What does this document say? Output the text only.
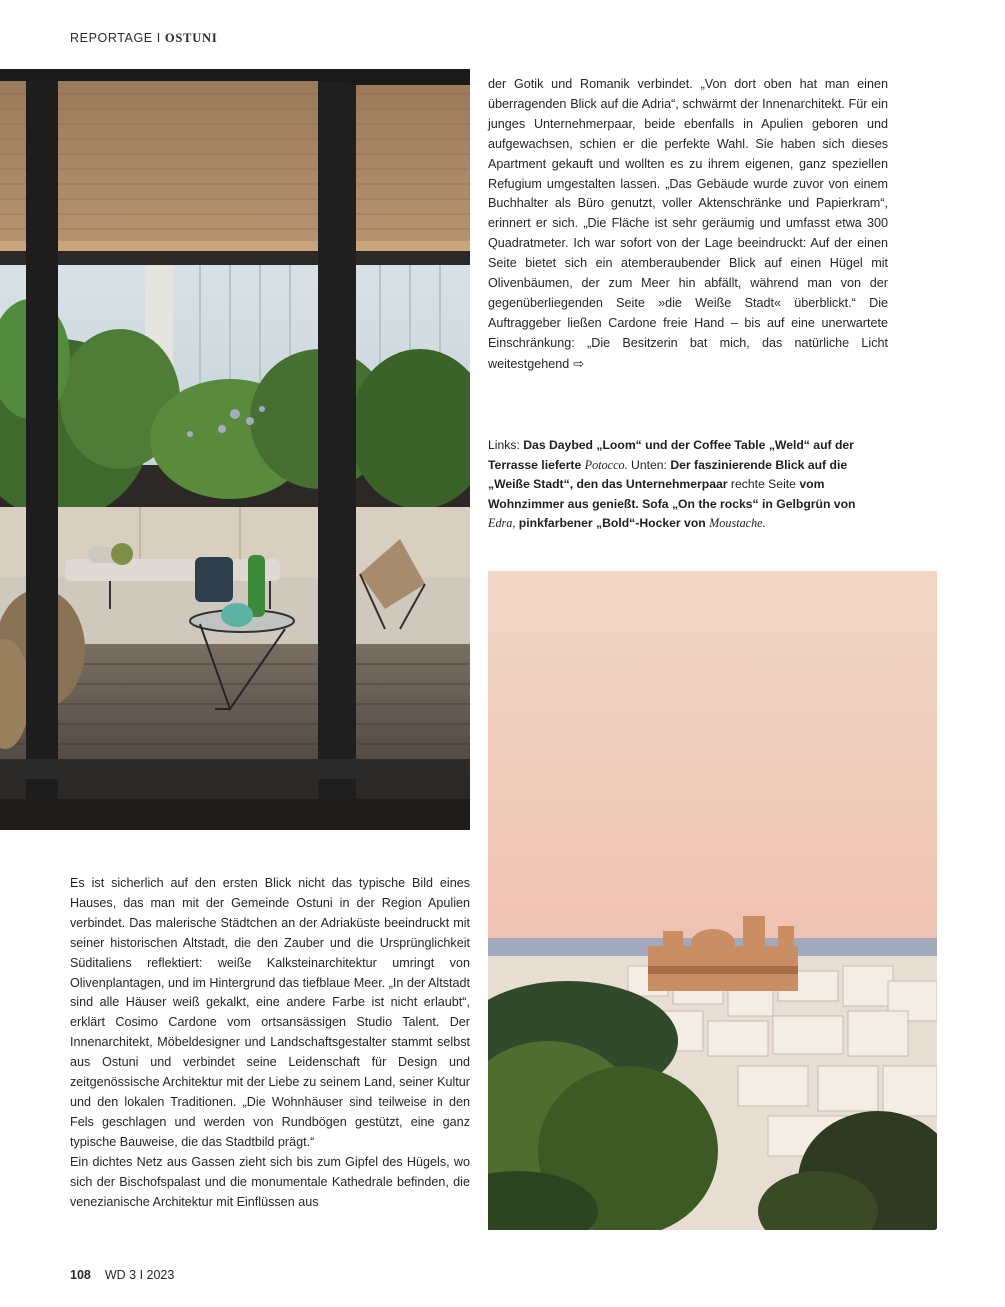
REPORTAGE I OSTUNI

der Gotik und Romanik verbindet. „Von dort oben hat man einen überragenden Blick auf die Adria“, schwärmt der Innenarchitekt. Für ein junges Unternehmerpaar, beide ebenfalls in Apulien geboren und aufgewachsen, schien er die perfekte Wahl. Sie haben sich dieses Apartment gekauft und wollten es zu ihrem eigenen, ganz speziellen Refugium umgestalten lassen. „Das Gebäude wurde zuvor von einem Buchhalter als Büro genutzt, voller Aktenschränke und Papierkram“, erinnert er sich. „Die Fläche ist sehr geräumig und umfasst etwa 300 Quadratmeter. Ich war sofort von der Lage beeindruckt: Auf der einen Seite bietet sich ein atemberaubender Blick auf einen Hügel mit Olivenbäumen, der zum Meer hin abfällt, während man von der gegenüberliegenden Seite »die Weiße Stadt« überblickt.“ Die Auftraggeber ließen Cardone freie Hand – bis auf eine unerwartete Einschränkung: „Die Besitzerin bat mich, das natürliche Licht weitestgehend ⇨

Links: Das Daybed „Loom“ und der Coffee Table „Weld“ auf der Terrasse lieferte Potocco. Unten: Der faszinierende Blick auf die „Weiße Stadt“, den das Unternehmerpaar rechte Seite vom Wohnzimmer aus genießt. Sofa „On the rocks“ in Gelbgrün von Edra, pinkfarbener „Bold“-Hocker von Moustache.

Es ist sicherlich auf den ersten Blick nicht das typische Bild eines Hauses, das man mit der Gemeinde Ostuni in der Region Apulien verbindet. Das malerische Städtchen an der Adriaküste beeindruckt mit seiner historischen Altstadt, die den Zauber und die Ursprünglichkeit Süditaliens reflektiert: weiße Kalksteinarchitektur umringt von Olivenplantagen, und im Hintergrund das tiefblaue Meer. „In der Altstadt sind alle Häuser weiß gekalkt, eine andere Farbe ist nicht erlaubt“, erklärt Cosimo Cardone vom ortsansässigen Studio Talent. Der Innenarchitekt, Möbeldesigner und Landschaftsgestalter stammt selbst aus Ostuni und verbindet seine Leidenschaft für Design und zeitgenössische Architektur mit der Liebe zu seinem Land, seiner Kultur und den lokalen Traditionen. „Die Wohnhäuser sind teilweise in den Fels geschlagen und werden von Rundbögen gestützt, eine ganz typische Bauweise, die das Stadtbild prägt.“

Ein dichtes Netz aus Gassen zieht sich bis zum Gipfel des Hügels, wo sich der Bischofspalast und die monumentale Kathedrale befinden, die venezianische Architektur mit Einflüssen aus

108 WD 3 I 2023
